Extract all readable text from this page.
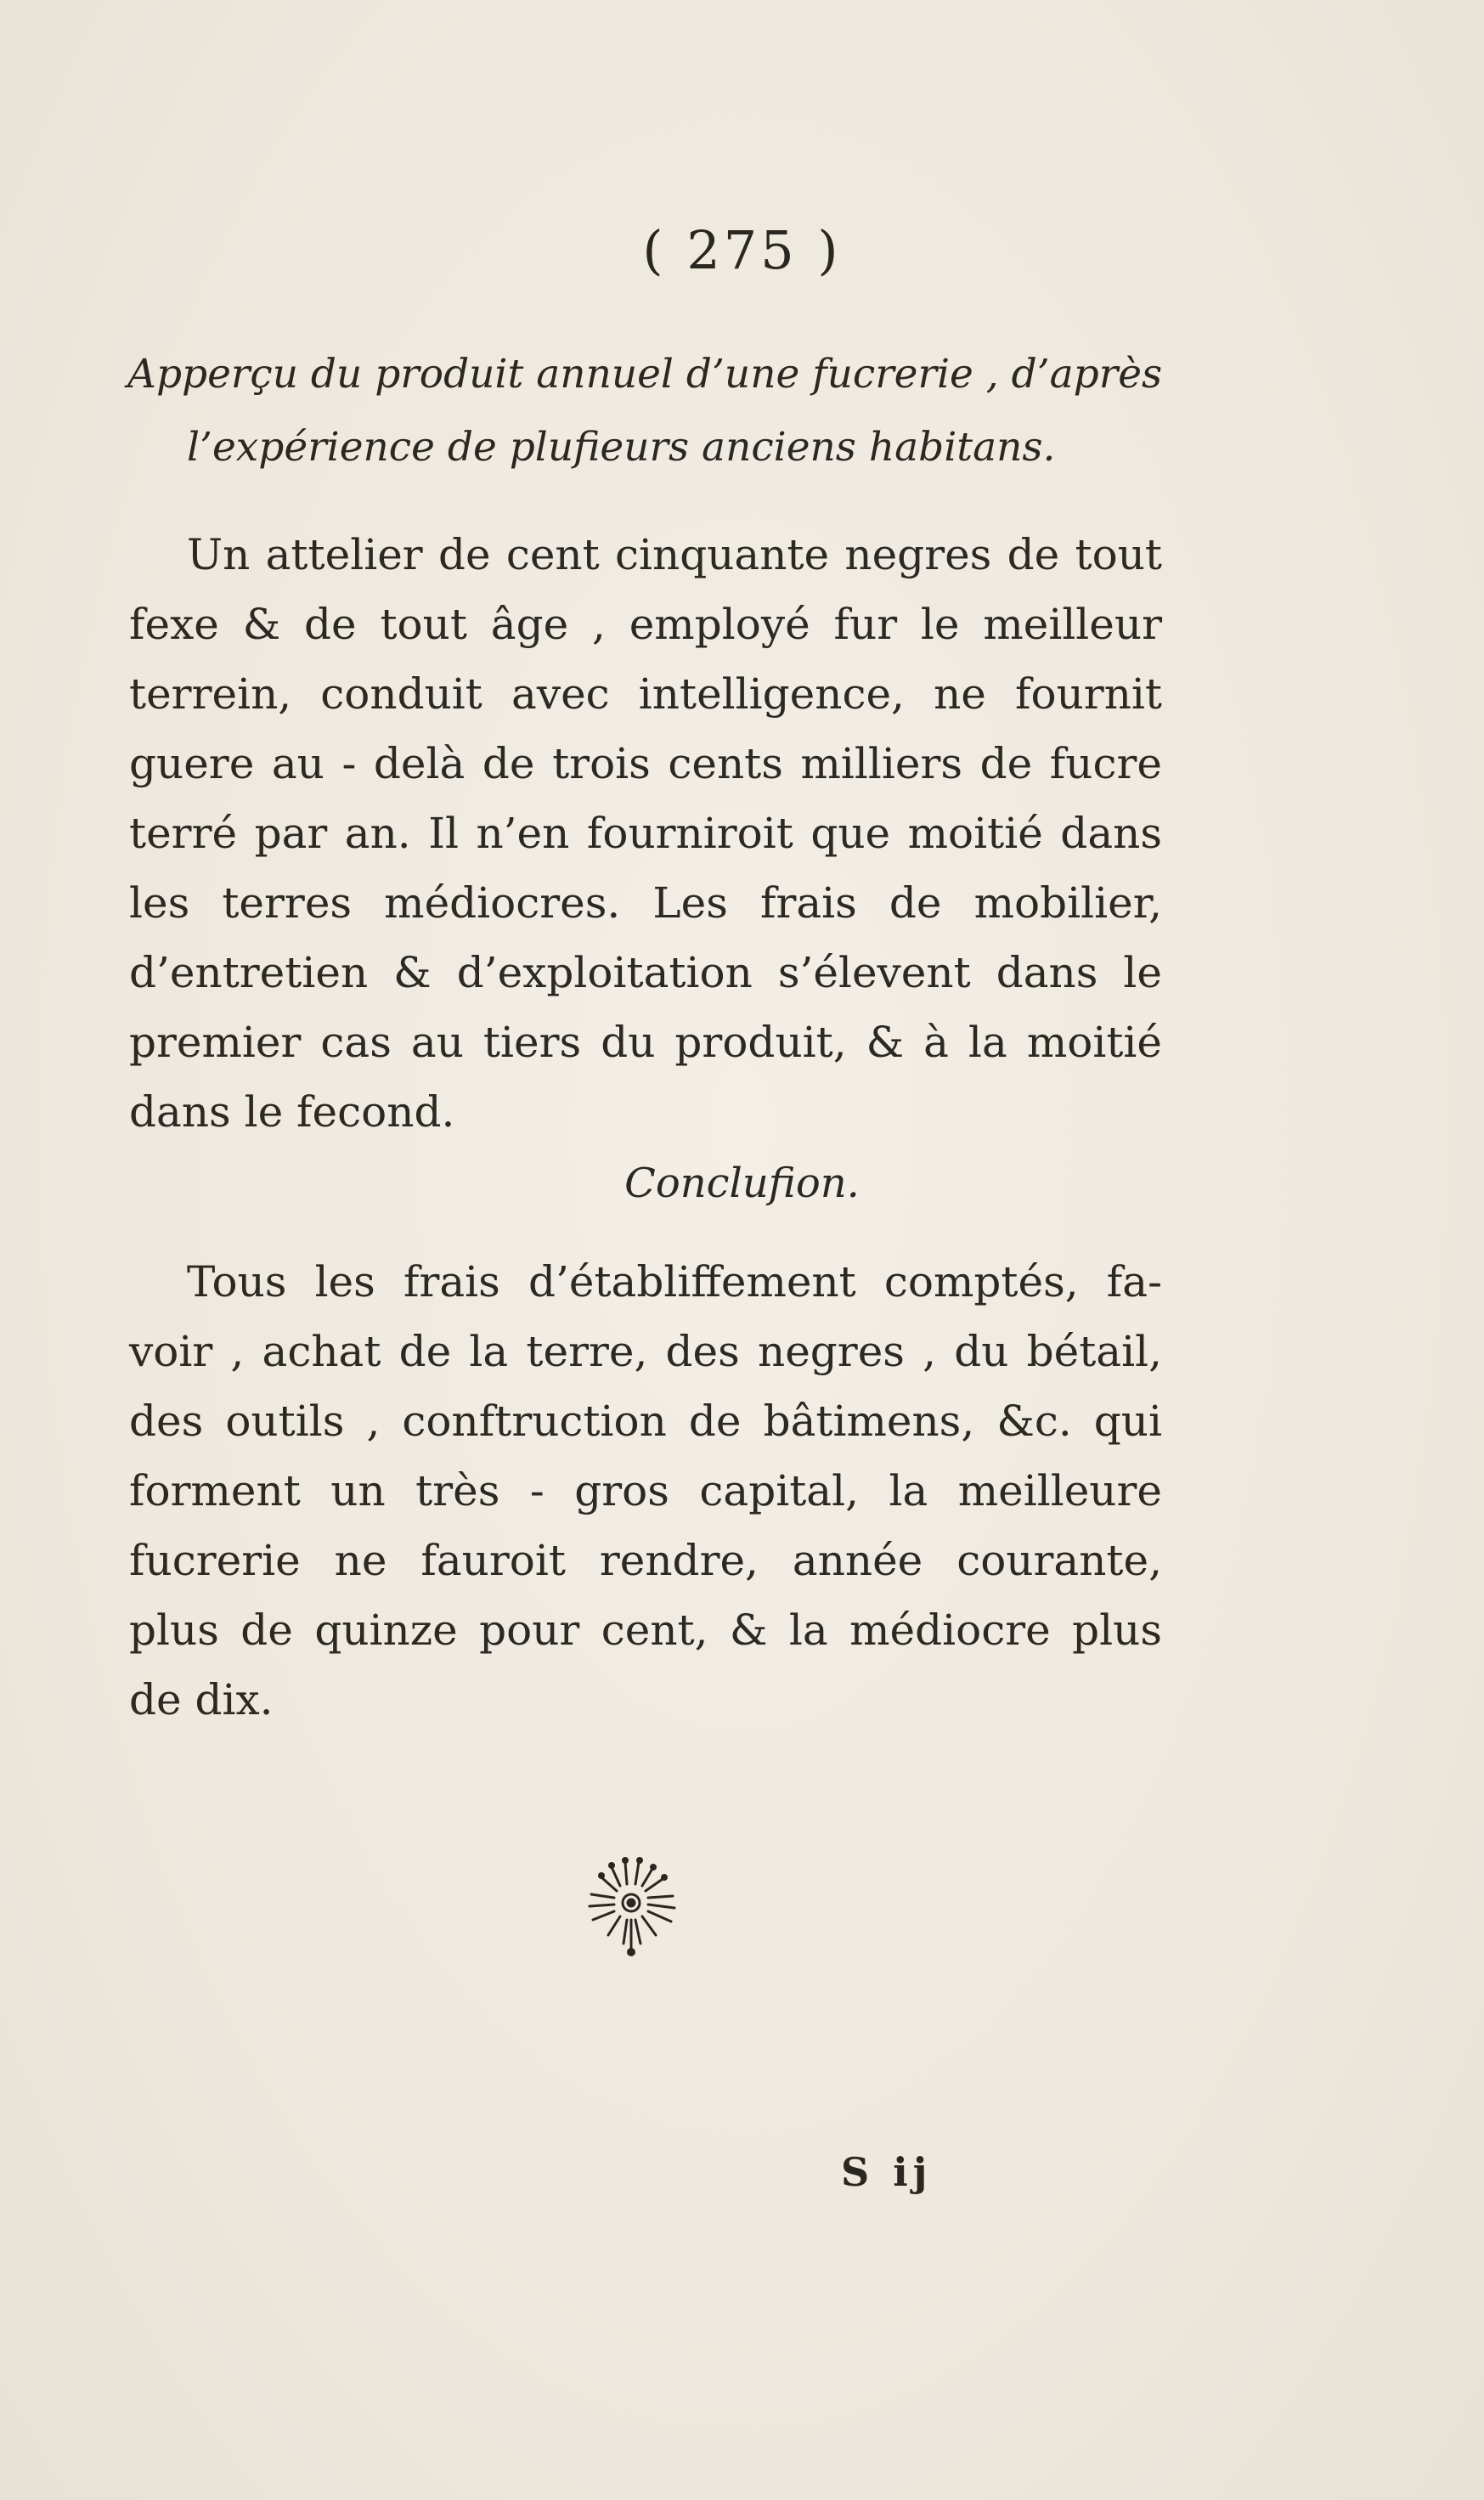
( 275 )
Apperçu du produit annuel d’une fucrerie , d’après
l’expérience de plufieurs anciens habitans.
Un attelier de cent cinquante negres de tout
fexe & de tout âge , employé fur le meilleur
terrein, conduit avec intelligence, ne fournit
guere au - delà de trois cents milliers de fucre
terré par an. Il n’en fourniroit que moitié dans
les terres médiocres. Les frais de mobilier,
d’entretien & d’exploitation s’élevent dans le
premier cas au tiers du produit, & à la moitié
dans le fecond.
Conclufion.
Tous les frais d’établiffement comptés, fa-
voir , achat de la terre, des negres , du bétail,
des outils , conftruction de bâtimens, &c. qui
forment un très - gros capital, la meilleure
fucrerie ne fauroit rendre, année courante,
plus de quinze pour cent, & la médiocre plus
de dix.
S ij
